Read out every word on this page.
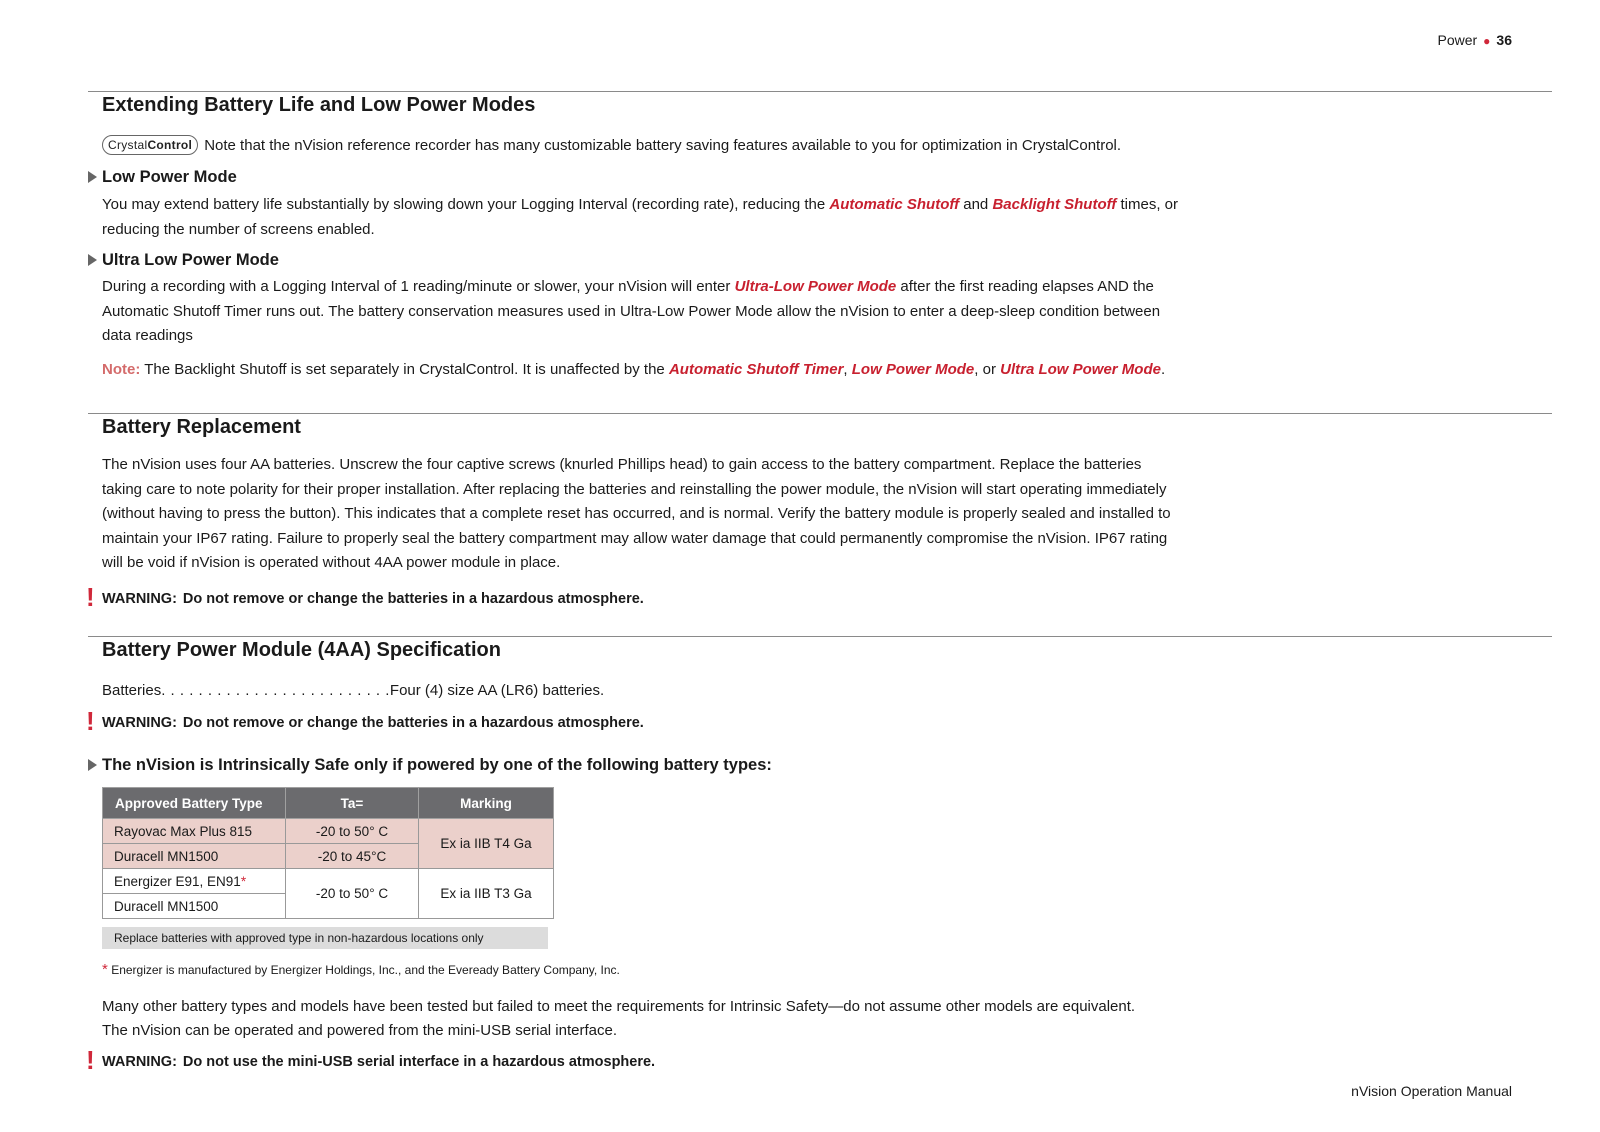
Power ● 36
Extending Battery Life and Low Power Modes
CrystalControl Note that the nVision reference recorder has many customizable battery saving features available to you for optimization in CrystalControl.
Low Power Mode

You may extend battery life substantially by slowing down your Logging Interval (recording rate), reducing the Automatic Shutoff and Backlight Shutoff times, or reducing the number of screens enabled.

Ultra Low Power Mode

During a recording with a Logging Interval of 1 reading/minute or slower, your nVision will enter Ultra-Low Power Mode after the first reading elapses AND the Automatic Shutoff Timer runs out. The battery conservation measures used in Ultra-Low Power Mode allow the nVision to enter a deep-sleep condition between data readings

Note: The Backlight Shutoff is set separately in CrystalControl. It is unaffected by the Automatic Shutoff Timer, Low Power Mode, or Ultra Low Power Mode.

Battery Replacement

The nVision uses four AA batteries. Unscrew the four captive screws (knurled Phillips head) to gain access to the battery compartment. Replace the batteries taking care to note polarity for their proper installation. After replacing the batteries and reinstalling the power module, the nVision will start operating immediately (without having to press the button). This indicates that a complete reset has occurred, and is normal. Verify the battery module is properly sealed and installed to maintain your IP67 rating. Failure to properly seal the battery compartment may allow water damage that could permanently compromise the nVision. IP67 rating will be void if nVision is operated without 4AA power module in place.

! WARNING: Do not remove or change the batteries in a hazardous atmosphere.
Battery Power Module (4AA) Specification
Batteries. . . . . . . . . . . . . . . . . . . . . . . . .Four (4) size AA (LR6) batteries.
! WARNING: Do not remove or change the batteries in a hazardous atmosphere.
The nVision is Intrinsically Safe only if powered by one of the following battery types:
Approved Battery Type	Ta=	Marking
Rayovac Max Plus 815	-20 to 50° C	Ex ia IIB T4 Ga
Duracell MN1500	-20 to 45°C	
Energizer E91, EN91*	-20 to 50° C	Ex ia IIB T3 Ga
Duracell MN1500		
Replace batteries with approved type in non-hazardous locations only
* Energizer is manufactured by Energizer Holdings, Inc., and the Eveready Battery Company, Inc.

Many other battery types and models have been tested but failed to meet the requirements for Intrinsic Safety—do not assume other models are equivalent.

The nVision can be operated and powered from the mini-USB serial interface.

! WARNING: Do not use the mini-USB serial interface in a hazardous atmosphere.
nVision Operation Manual
